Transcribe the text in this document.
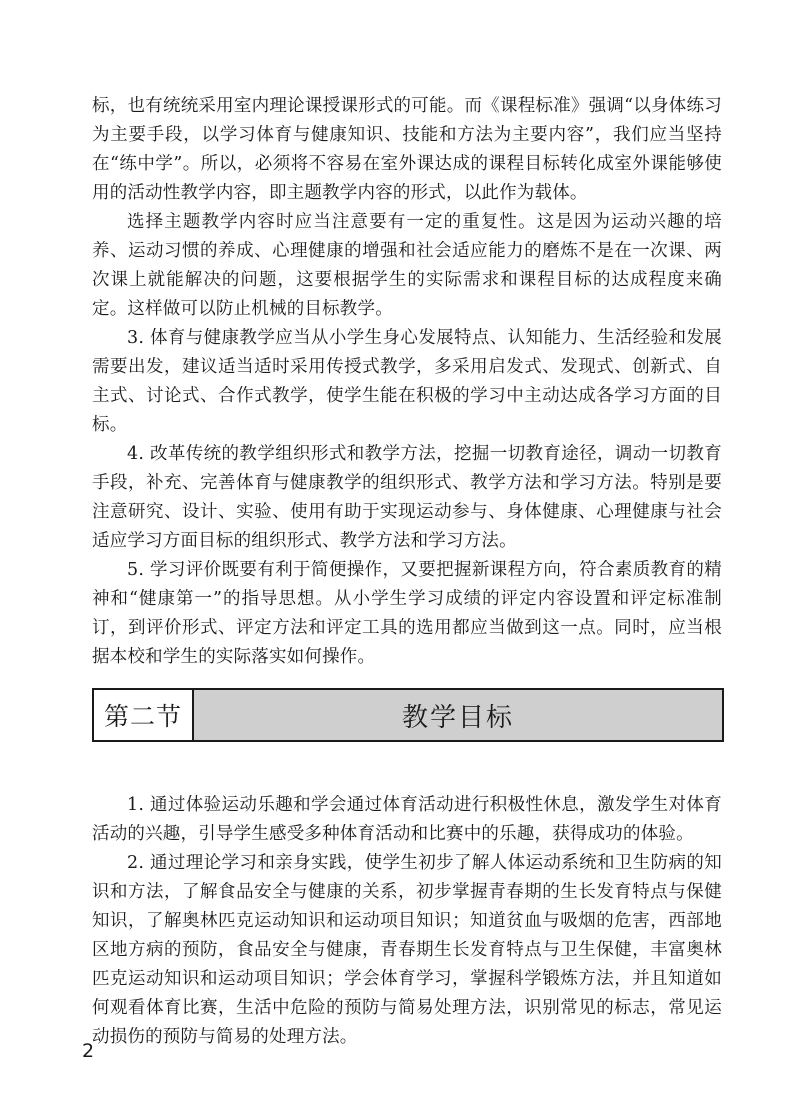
标，也有统统采用室内理论课授课形式的可能。而《课程标准》强调“以身体练习为主要手段，以学习体育与健康知识、技能和方法为主要内容”，我们应当坚持在“练中学”。所以，必须将不容易在室外课达成的课程目标转化成室外课能够使用的活动性教学内容，即主题教学内容的形式，以此作为载体。

选择主题教学内容时应当注意要有一定的重复性。这是因为运动兴趣的培养、运动习惯的养成、心理健康的增强和社会适应能力的磨炼不是在一次课、两次课上就能解决的问题，这要根据学生的实际需求和课程目标的达成程度来确定。这样做可以防止机械的目标教学。

3. 体育与健康教学应当从小学生身心发展特点、认知能力、生活经验和发展需要出发，建议适当适时采用传授式教学，多采用启发式、发现式、创新式、自主式、讨论式、合作式教学，使学生能在积极的学习中主动达成各学习方面的目标。

4. 改革传统的教学组织形式和教学方法，挖掘一切教育途径，调动一切教育手段，补充、完善体育与健康教学的组织形式、教学方法和学习方法。特别是要注意研究、设计、实验、使用有助于实现运动参与、身体健康、心理健康与社会适应学习方面目标的组织形式、教学方法和学习方法。

5. 学习评价既要有利于简便操作，又要把握新课程方向，符合素质教育的精神和“健康第一”的指导思想。从小学生学习成绩的评定内容设置和评定标准制订，到评价形式、评定方法和评定工具的选用都应当做到这一点。同时，应当根据本校和学生的实际落实如何操作。

第二节	教学目标

1. 通过体验运动乐趣和学会通过体育活动进行积极性休息，激发学生对体育活动的兴趣，引导学生感受多种体育活动和比赛中的乐趣，获得成功的体验。

2. 通过理论学习和亲身实践，使学生初步了解人体运动系统和卫生防病的知识和方法，了解食品安全与健康的关系，初步掌握青春期的生长发育特点与保健知识，了解奥林匹克运动知识和运动项目知识；知道贫血与吸烟的危害，西部地区地方病的预防，食品安全与健康，青春期生长发育特点与卫生保健，丰富奥林匹克运动知识和运动项目知识；学会体育学习，掌握科学锻炼方法，并且知道如何观看体育比赛，生活中危险的预防与简易处理方法，识别常见的标志，常见运动损伤的预防与简易的处理方法。

2
